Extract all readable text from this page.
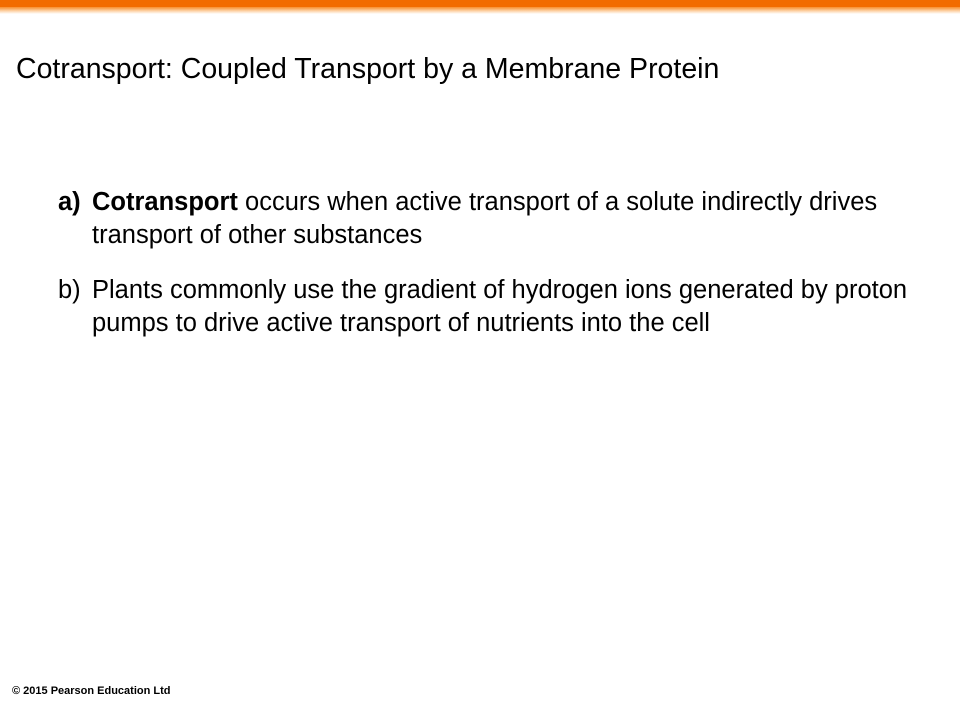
Cotransport: Coupled Transport by a Membrane Protein
a) Cotransport occurs when active transport of a solute indirectly drives transport of other substances
b) Plants commonly use the gradient of hydrogen ions generated by proton pumps to drive active transport of nutrients into the cell
© 2015 Pearson Education Ltd
